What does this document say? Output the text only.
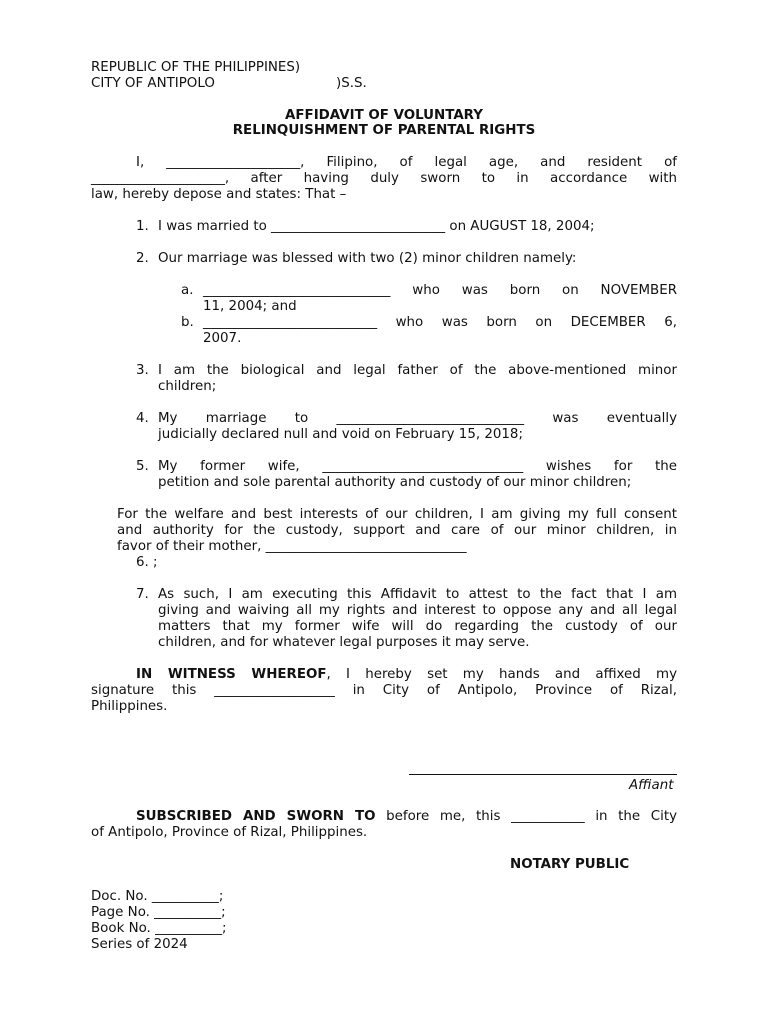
REPUBLIC OF THE PHILIPPINES)
CITY OF ANTIPOLO	)S.S.
AFFIDAVIT OF VOLUNTARY
RELINQUISHMENT OF PARENTAL RIGHTS
I, ____________________, Filipino, of legal age, and resident of
____________________, after having duly sworn to in accordance with
law, hereby depose and states: That –
1. I was married to __________________________ on AUGUST 18, 2004;
2. Our marriage was blessed with two (2) minor children namely:
a. ____________________________ who was born on NOVEMBER
11, 2004; and
b. __________________________ who was born on DECEMBER 6,
2007.
3. I am the biological and legal father of the above-mentioned minor
children;
4. My marriage to ____________________________ was eventually
judicially declared null and void on February 15, 2018;
5. My former wife, ______________________________ wishes for the
petition and sole parental authority and custody of our minor children;
For the welfare and best interests of our children, I am giving my full consent
and authority for the custody, support and care of our minor children, in
favor of their mother, ______________________________
6. ;
7. As such, I am executing this Affidavit to attest to the fact that I am
giving and waiving all my rights and interest to oppose any and all legal
matters that my former wife will do regarding the custody of our
children, and for whatever legal purposes it may serve.
IN WITNESS WHEREOF, I hereby set my hands and affixed my
signature this __________________ in City of Antipolo, Province of Rizal,
Philippines.
Affiant
SUBSCRIBED AND SWORN TO before me, this ___________ in the City
of Antipolo, Province of Rizal, Philippines.
NOTARY PUBLIC
Doc. No. __________;
Page No. __________;
Book No. __________;
Series of 2024
